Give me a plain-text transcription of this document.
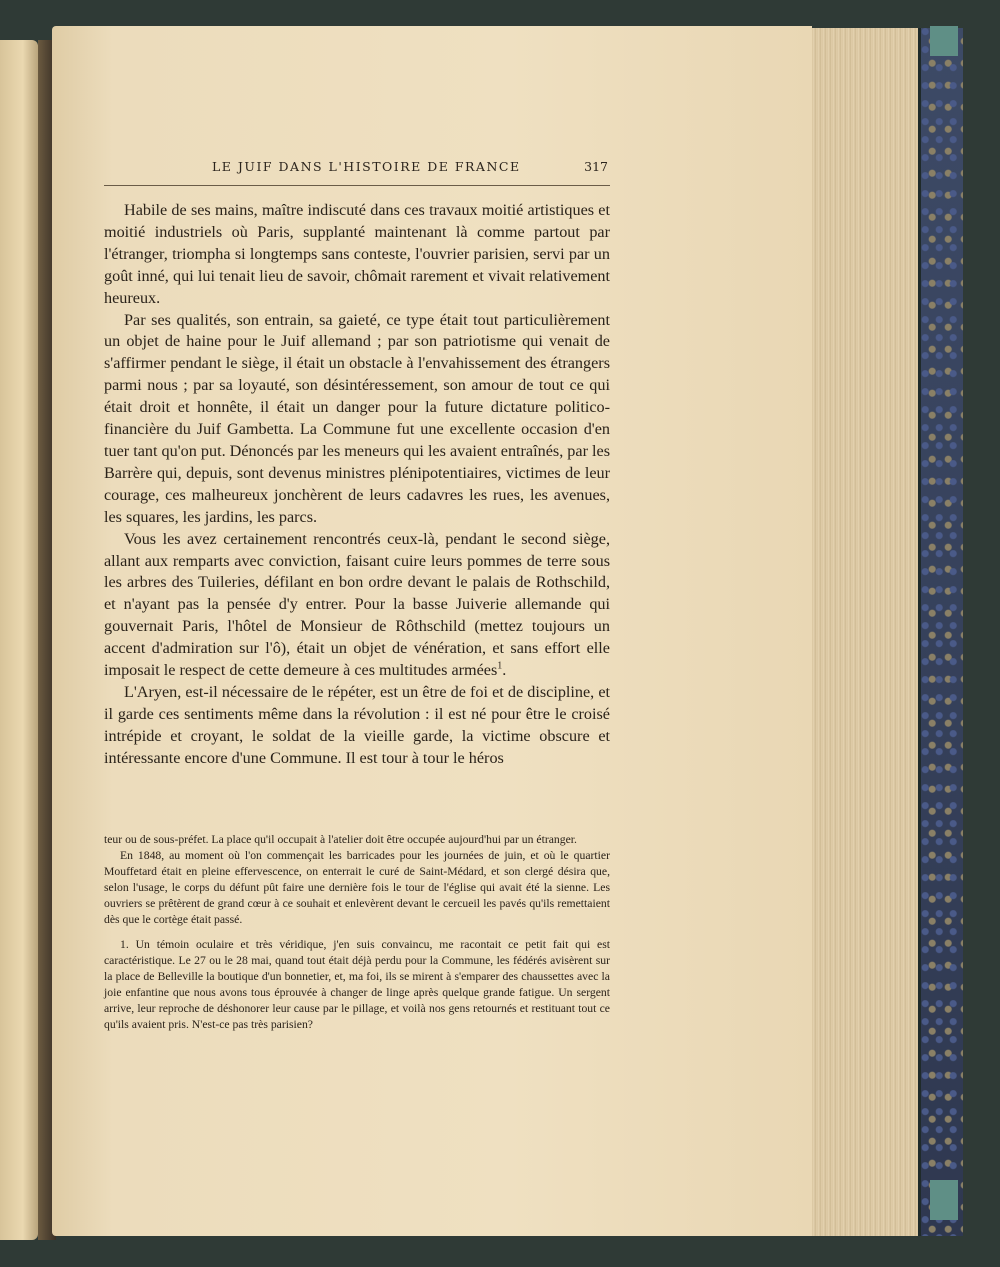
LE JUIF DANS L'HISTOIRE DE FRANCE	317

Habile de ses mains, maître indiscuté dans ces travaux moitié artistiques et moitié industriels où Paris, supplanté maintenant là comme partout par l'étranger, triompha si longtemps sans conteste, l'ouvrier parisien, servi par un goût inné, qui lui tenait lieu de savoir, chômait rarement et vivait relativement heureux.

Par ses qualités, son entrain, sa gaieté, ce type était tout particulièrement un objet de haine pour le Juif allemand ; par son patriotisme qui venait de s'affirmer pendant le siège, il était un obstacle à l'envahissement des étrangers parmi nous ; par sa loyauté, son désintéressement, son amour de tout ce qui était droit et honnête, il était un danger pour la future dictature politico-financière du Juif Gambetta. La Commune fut une excellente occasion d'en tuer tant qu'on put. Dénoncés par les meneurs qui les avaient entraînés, par les Barrère qui, depuis, sont devenus ministres plénipotentiaires, victimes de leur courage, ces malheureux jonchèrent de leurs cadavres les rues, les avenues, les squares, les jardins, les parcs.

Vous les avez certainement rencontrés ceux-là, pendant le second siège, allant aux remparts avec conviction, faisant cuire leurs pommes de terre sous les arbres des Tuileries, défilant en bon ordre devant le palais de Rothschild, et n'ayant pas la pensée d'y entrer. Pour la basse Juiverie allemande qui gouvernait Paris, l'hôtel de Monsieur de Rôthschild (mettez toujours un accent d'admiration sur l'ô), était un objet de vénération, et sans effort elle imposait le respect de cette demeure à ces multitudes armées$^1$.

L'Aryen, est-il nécessaire de le répéter, est un être de foi et de discipline, et il garde ces sentiments même dans la révolution : il est né pour être le croisé intrépide et croyant, le soldat de la vieille garde, la victime obscure et intéressante encore d'une Commune. Il est tour à tour le héros

teur ou de sous-préfet. La place qu'il occupait à l'atelier doit être occupée aujourd'hui par un étranger.

En 1848, au moment où l'on commençait les barricades pour les journées de juin, et où le quartier Mouffetard était en pleine effervescence, on enterrait le curé de Saint-Médard, et son clergé désira que, selon l'usage, le corps du défunt pût faire une dernière fois le tour de l'église qui avait été la sienne. Les ouvriers se prêtèrent de grand cœur à ce souhait et enlevèrent devant le cercueil les pavés qu'ils remettaient dès que le cortège était passé.

1. Un témoin oculaire et très véridique, j'en suis convaincu, me racontait ce petit fait qui est caractéristique. Le 27 ou le 28 mai, quand tout était déjà perdu pour la Commune, les fédérés avisèrent sur la place de Belleville la boutique d'un bonnetier, et, ma foi, ils se mirent à s'emparer des chaussettes avec la joie enfantine que nous avons tous éprouvée à changer de linge après quelque grande fatigue. Un sergent arrive, leur reproche de déshonorer leur cause par le pillage, et voilà nos gens retournés et restituant tout ce qu'ils avaient pris. N'est-ce pas très parisien?
